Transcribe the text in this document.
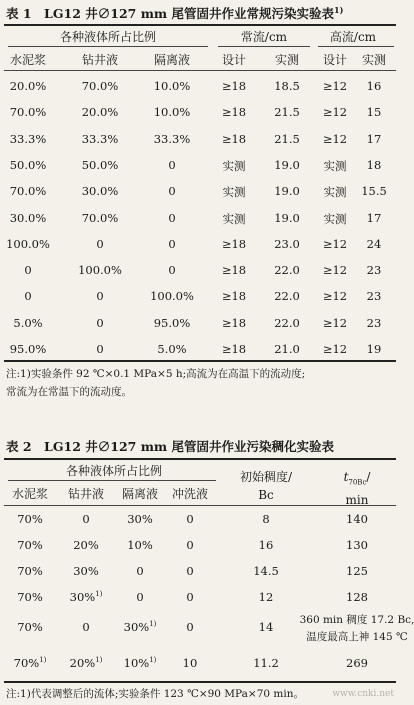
表 1　LG12 井∅127 mm 尾管固井作业常规污染实验表$^{1)}$
各种液体所占比例	常流/cm	高流/cm
水泥浆	钻井液	隔离液	设计 实测 设计 实测
20.0%	70.0%	10.0%	≥18 18.5 ≥12 16
70.0%	20.0%	10.0%	≥18 21.5 ≥12 15
33.3%	33.3%	33.3%	≥18 21.5 ≥12 17
50.0%	50.0%	0	实测 19.0 实测 18
70.0%	30.0%	0	实测 19.0 实测 15.5
30.0%	70.0%	0	实测 19.0 实测 17
100.0%	0	0	≥18 23.0 ≥12 24
0	100.0%	0	≥18 22.0 ≥12 23
0	0	100.0% ≥18 22.0 ≥12 23
5.0%	0	95.0%	≥18 22.0 ≥12 23
95.0%	0	5.0%	≥18 21.0 ≥12 19
注:1)实验条件 92 ℃×0.1 MPa×5 h;高流为在高温下的流动度;
常流为在常温下的流动度。
表 2　LG12 井∅127 mm 尾管固井作业污染稠化实验表
各种液体所占比例	初始稠度/
Bc
$t_{70Bc}/$
min
水泥浆 钻井液 隔离液 冲洗液
70%	0	30%	0	8	140
70%	20% 10%	0	16	130
70%	30%	0	0	14.5	125
70% 30%$^{1)}$	0	0	12	128
70%	0	30%$^{1)}$	0	14	360 min 稠度 17.2 Bc,
温度最高上神 145 ℃
70%$^{1)}$ 20%$^{1)}$ 10%$^{1)}$ 10	11.2	269
注:1)代表调整后的流体;实验条件 123 ℃×90 MPa×70 min。	www.cnki.net
